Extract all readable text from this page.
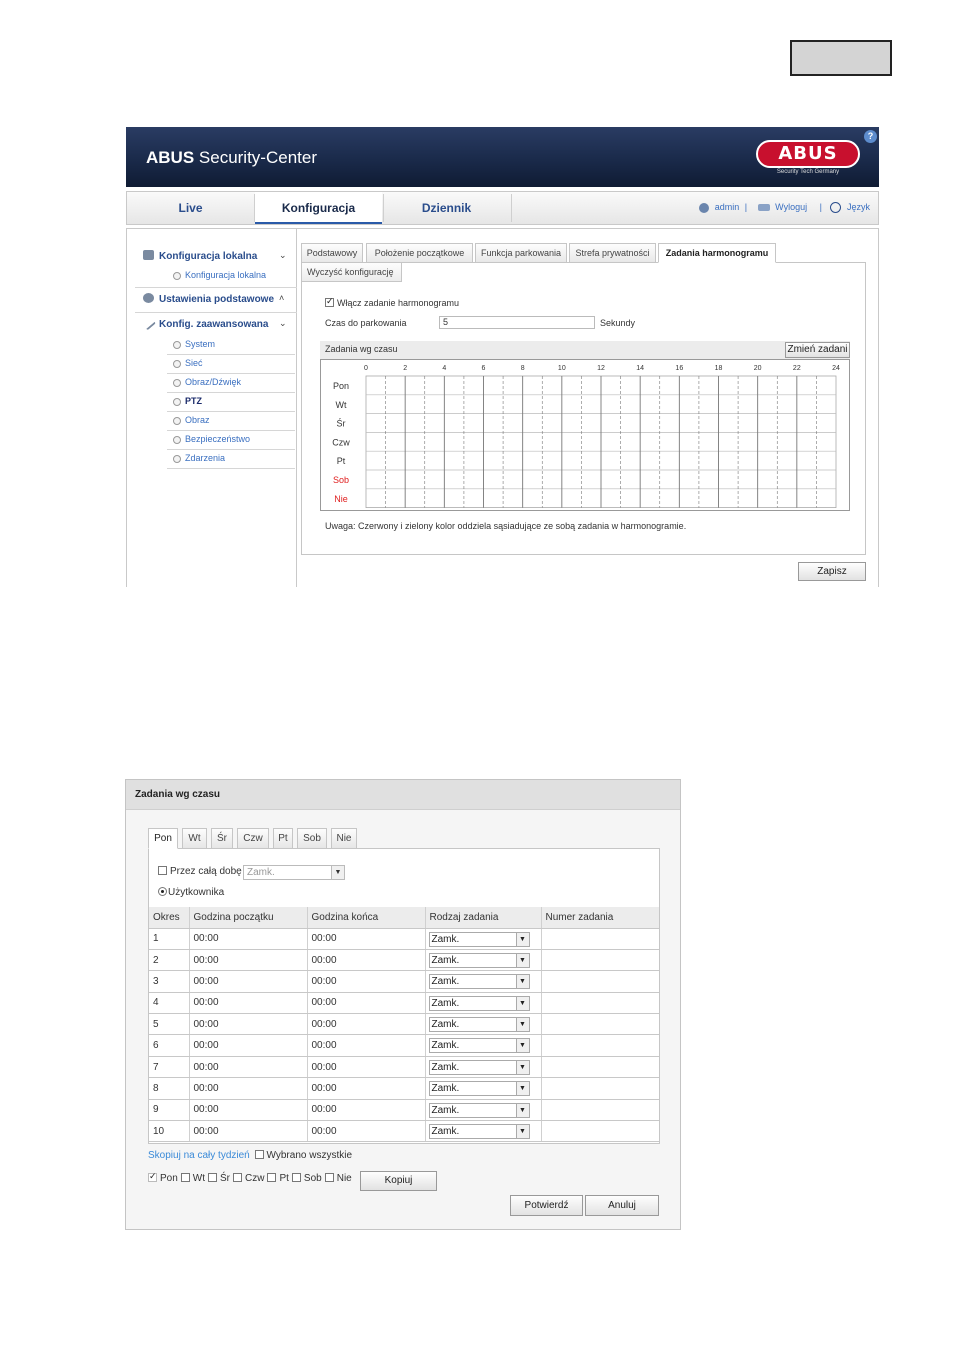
ABUS Security-Center	ABUS
Security Tech Germany
?
Live	Konfiguracja	Dziennik	admin |	Wyloguj |	Język
Konfiguracja lokalna ⌄
Konfiguracja lokalna
Ustawienia podstawowe ˄
Konfig. zaawansowana ⌄
System
Sieć
Obraz/Dźwięk
PTZ
Obraz
Bezpieczeństwo
Zdarzenia
Podstawowy	Położenie początkowe	Funkcja parkowania	Strefa prywatności	Zadania harmonogramu
Wyczyść konfigurację
✓Włącz zadanie harmonogramu
Czas do parkowania	5	Sekundy
Zadania wg czasu	Zmień zadani
0	2	4	6	8	10	12	14	16	18	20	22	24
Pon
Wt
Śr
Czw
Pt
Sob
Nie
Uwaga: Czerwony i zielony kolor oddziela sąsiadujące ze sobą zadania w harmonogramie.
Zapisz
Zadania wg czasu
Pon	Wt	Śr	Czw	Pt	Sob	Nie
Przez całą dobę Zamk.	▼
Użytkownika
Okres	Godzina początku	Godzina końca	Rodzaj zadania	Numer zadania
1	00:00	00:00	Zamk. ▼	

2	00:00	00:00	Zamk. ▼	

3	00:00	00:00	Zamk. ▼	

4	00:00	00:00	Zamk. ▼	

5	00:00	00:00	Zamk. ▼	

6	00:00	00:00	Zamk. ▼	

7	00:00	00:00	Zamk. ▼	

8	00:00	00:00	Zamk. ▼	

9	00:00	00:00	Zamk. ▼	

10	00:00	00:00	Zamk. ▼	

Skopiuj na cały tydzień Wybrano wszystkie
✓Pon Wt Śr Czw Pt Sob Nie	Kopiuj
Potwierdź	Anuluj
